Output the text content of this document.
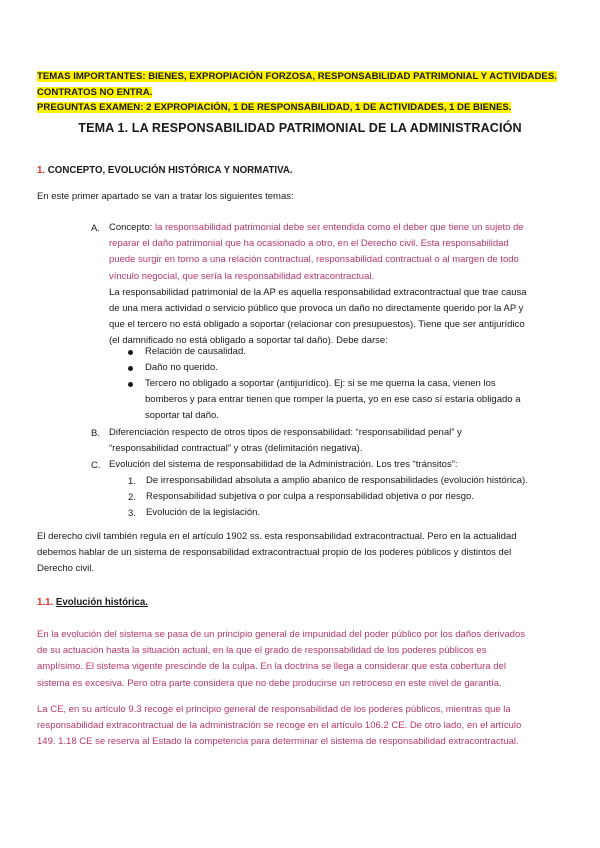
TEMAS IMPORTANTES: BIENES, EXPROPIACIÓN FORZOSA, RESPONSABILIDAD PATRIMONIAL Y ACTIVIDADES.
CONTRATOS NO ENTRA.
PREGUNTAS EXAMEN: 2 EXPROPIACIÓN, 1 DE RESPONSABILIDAD, 1 DE ACTIVIDADES, 1 DE BIENES.
TEMA 1. LA RESPONSABILIDAD PATRIMONIAL DE LA ADMINISTRACIÓN
1. CONCEPTO, EVOLUCIÓN HISTÓRICA Y NORMATIVA.
En este primer apartado se van a tratar los siguientes temas:
A. Concepto: la responsabilidad patrimonial debe ser entendida como el deber que tiene un sujeto de
reparar el daño patrimonial que ha ocasionado a otro, en el Derecho civil. Esta responsabilidad
puede surgir en torno a una relación contractual, responsabilidad contractual o al margen de todo
vínculo negocial, que sería la responsabilidad extracontractual.
La responsabilidad patrimonial de la AP es aquella responsabilidad extracontractual que trae causa
de una mera actividad o servicio público que provoca un daño no directamente querido por la AP y
que el tercero no está obligado a soportar (relacionar con presupuestos). Tiene que ser antijurídico
(el damnificado no está obligado a soportar tal daño). Debe darse:
Relación de causalidad.
Daño no querido.
Tercero no obligado a soportar (antijurídico). Ej: si se me quema la casa, vienen los
bomberos y para entrar tienen que romper la puerta, yo en ese caso sí estaría obligado a
soportar tal daño.
B. Diferenciación respecto de otros tipos de responsabilidad: “responsabilidad penal” y
“responsabilidad contractual” y otras (delimitación negativa).
C. Evolución del sistema de responsabilidad de la Administración. Los tres “tránsitos”:
1. De irresponsabilidad absoluta a amplio abanico de responsabilidades (evolución histórica).
2. Responsabilidad subjetiva o por culpa a responsabilidad objetiva o por riesgo.
3. Evolución de la legislación.
El derecho civil también regula en el artículo 1902 ss. esta responsabilidad extracontractual. Pero en la actualidad
debemos hablar de un sistema de responsabilidad extracontractual propio de los poderes públicos y distintos del
Derecho civil.
1.1. Evolución histórica.
En la evolución del sistema se pasa de un principio general de impunidad del poder público por los daños derivados
de su actuación hasta la situación actual, en la que el grado de responsabilidad de los poderes públicos es
amplísimo. El sistema vigente prescinde de la culpa. En la doctrina se llega a considerar que esta cobertura del
sistema es excesiva. Pero otra parte considera que no debe producirse un retroceso en este nivel de garantía.
La CE, en su artículo 9.3 recoge el principio general de responsabilidad de los poderes públicos, mientras que la
responsabilidad extracontractual de la administración se recoge en el artículo 106.2 CE. De otro lado, en el artículo
149. 1.18 CE se reserva al Estado la competencia para determinar el sistema de responsabilidad extracontractual.
